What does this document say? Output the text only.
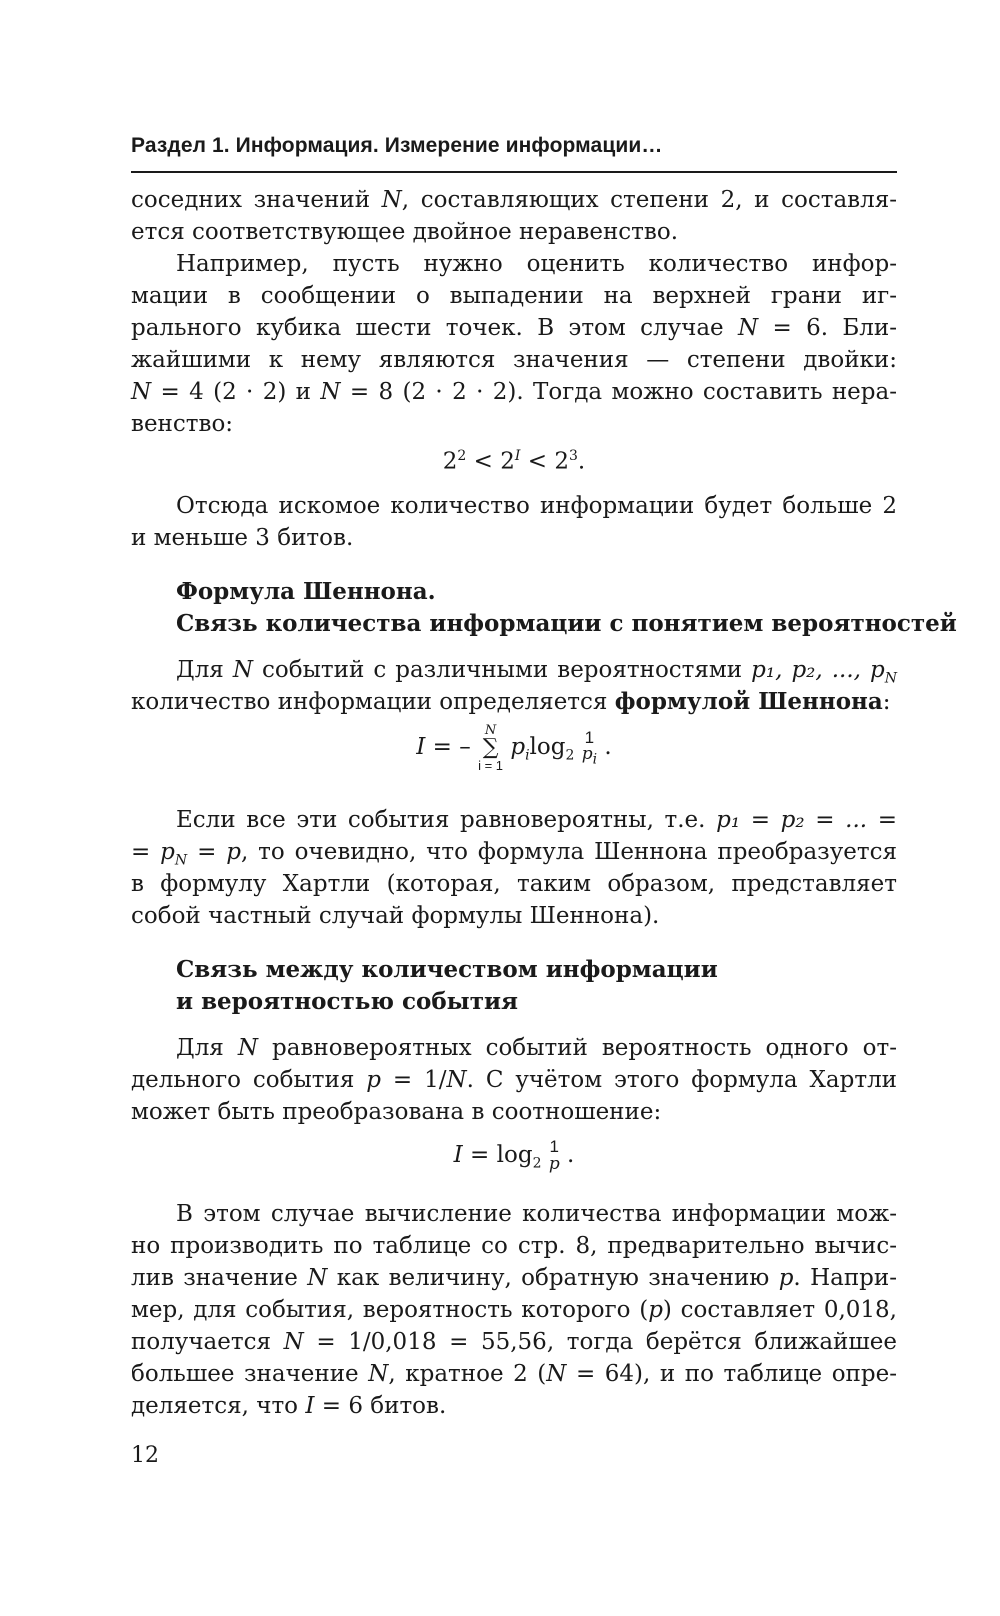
Раздел 1. Информация. Измерение информации…
соседних значений N, составляющих степени 2, и составля-
ется соответствующее двойное неравенство.
Например, пусть нужно оценить количество инфор-
мации в сообщении о выпадении на верхней грани иг-
рального кубика шести точек. В этом случае N = 6. Бли-
жайшими к нему являются значения — степени двойки:
N = 4 (2 · 2) и N = 8 (2 · 2 · 2). Тогда можно составить нера-
венство:
$2^2 < 2^I < 2^3$.
Отсюда искомое количество информации будет больше 2
и меньше 3 битов.
Формула Шеннона.
Связь количества информации с понятием вероятностей
Для N событий с различными вероятностями p₁, p₂, ..., $p_N$
количество информации определяется формулой Шеннона:
I = –
N
∑
i = 1
$p_i\log_2$
1
$p_i$ .
Если все эти события равновероятны, т.е. p₁ = p₂ = ... =
= $p_N = p$, то очевидно, что формула Шеннона преобразуется
в формулу Хартли (которая, таким образом, представляет
собой частный случай формулы Шеннона).
Связь между количеством информации
и вероятностью события
Для N равновероятных событий вероятность одного от-
дельного события p = 1/N. С учётом этого формула Хартли
может быть преобразована в соотношение:
$I = \log_2$
1
p .
В этом случае вычисление количества информации мож-
но производить по таблице со стр. 8, предварительно вычис-
лив значение N как величину, обратную значению p. Напри-
мер, для события, вероятность которого (p) составляет 0,018,
получается N = 1/0,018 = 55,56, тогда берётся ближайшее
большее значение N, кратное 2 (N = 64), и по таблице опре-
деляется, что I = 6 битов.
12
